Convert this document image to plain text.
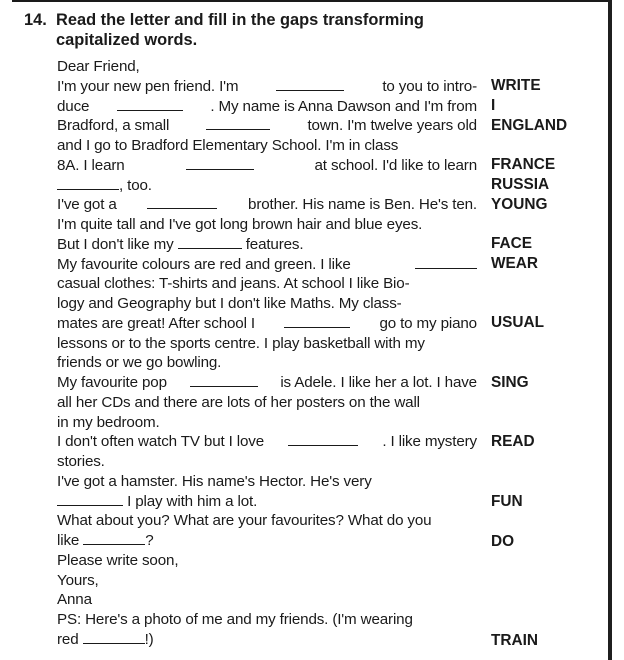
14. Read the letter and fill in the gaps transforming
capitalized words.
Dear Friend,
I'm your new pen friend. I'm	to you to intro-
duce	. My name is Anna Dawson and I'm from
Bradford, a small	town. I'm twelve years old
and I go to Bradford Elementary School. I'm in class
8A. I learn	at school. I'd like to learn
, too.
I've got a	brother. His name is Ben. He's ten.
I'm quite tall and I've got long brown hair and blue eyes.
But I don't like my	features.
My favourite colours are red and green. I like
casual clothes: T-shirts and jeans. At school I like Bio-
logy and Geography but I don't like Maths. My class-
mates are great! After school I	go to my piano
lessons or to the sports centre. I play basketball with my
friends or we go bowling.
My favourite pop	is Adele. I like her a lot. I have
all her CDs and there are lots of her posters on the wall
in my bedroom.
I don't often watch TV but I love	. I like mystery
stories.
I've got a hamster. His name's Hector. He's very
I play with him a lot.
What about you? What are your favourites? What do you
like	?
Please write soon,
Yours,
Anna
PS: Here's a photo of me and my friends. (I'm wearing
red	!)
WRITE
I
ENGLAND
FRANCE
RUSSIA
YOUNG
FACE
WEAR
USUAL
SING
READ
FUN
DO
TRAIN
